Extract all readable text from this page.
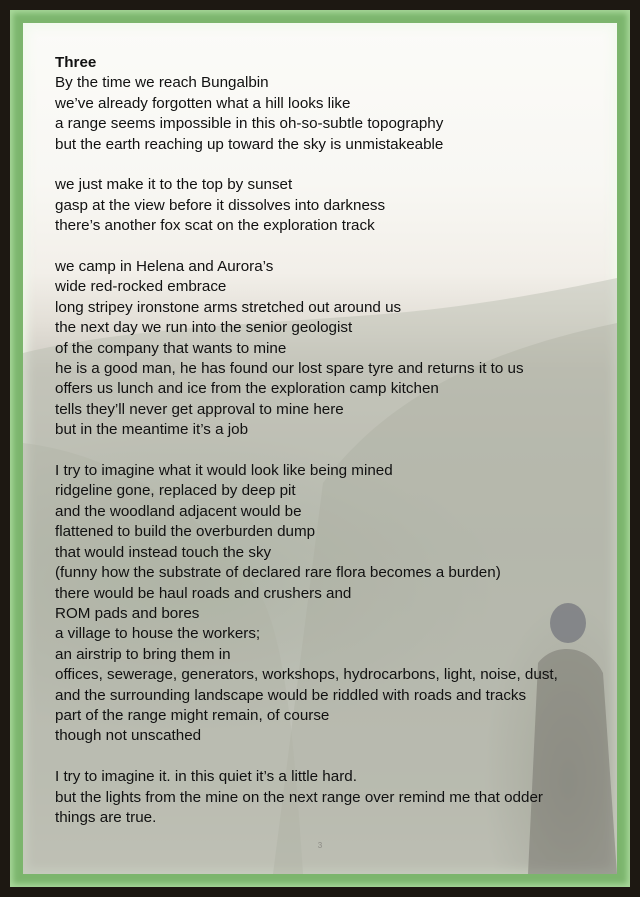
Three
By the time we reach Bungalbin
we’ve already forgotten what a hill looks like
a range seems impossible in this oh-so-subtle topography
but the earth reaching up toward the sky is unmistakeable
we just make it to the top by sunset
gasp at the view before it dissolves into darkness
there’s another fox scat on the exploration track
we camp in Helena and Aurora’s
wide red-rocked embrace
long stripey ironstone arms stretched out around us
the next day we run into the senior geologist
of the company that wants to mine
he is a good man, he has found our lost spare tyre and returns it to us
offers us lunch and ice from the exploration camp kitchen
tells they’ll never get approval to mine here
but in the meantime it’s a job
I try to imagine what it would look like being mined
ridgeline gone, replaced by deep pit
and the woodland adjacent would be
flattened to build the overburden dump
that would instead touch the sky
(funny how the substrate of declared rare flora becomes a burden)
there would be haul roads and crushers and
ROM pads and bores
a village to house the workers;
an airstrip to bring them in
offices, sewerage, generators, workshops, hydrocarbons, light, noise, dust,
and the surrounding landscape would be riddled with roads and tracks
part of the range might remain, of course
though not unscathed
I try to imagine it. in this quiet it’s a little hard.
but the lights from the mine on the next range over remind me that odder
things are true.
3
